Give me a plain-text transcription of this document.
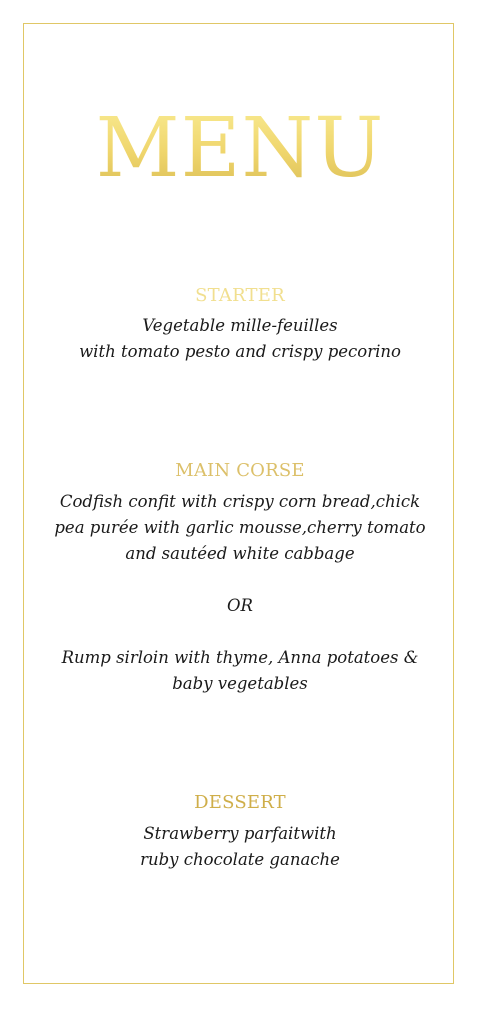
MENU
STARTER
Vegetable mille-feuilles
with tomato pesto and crispy pecorino
MAIN CORSE
Codfish confit with crispy corn bread,chick
pea purée with garlic mousse,cherry tomato
and sautéed white cabbage
OR
Rump sirloin with thyme, Anna potatoes &
baby vegetables
DESSERT
Strawberry parfaitwith
ruby chocolate ganache
